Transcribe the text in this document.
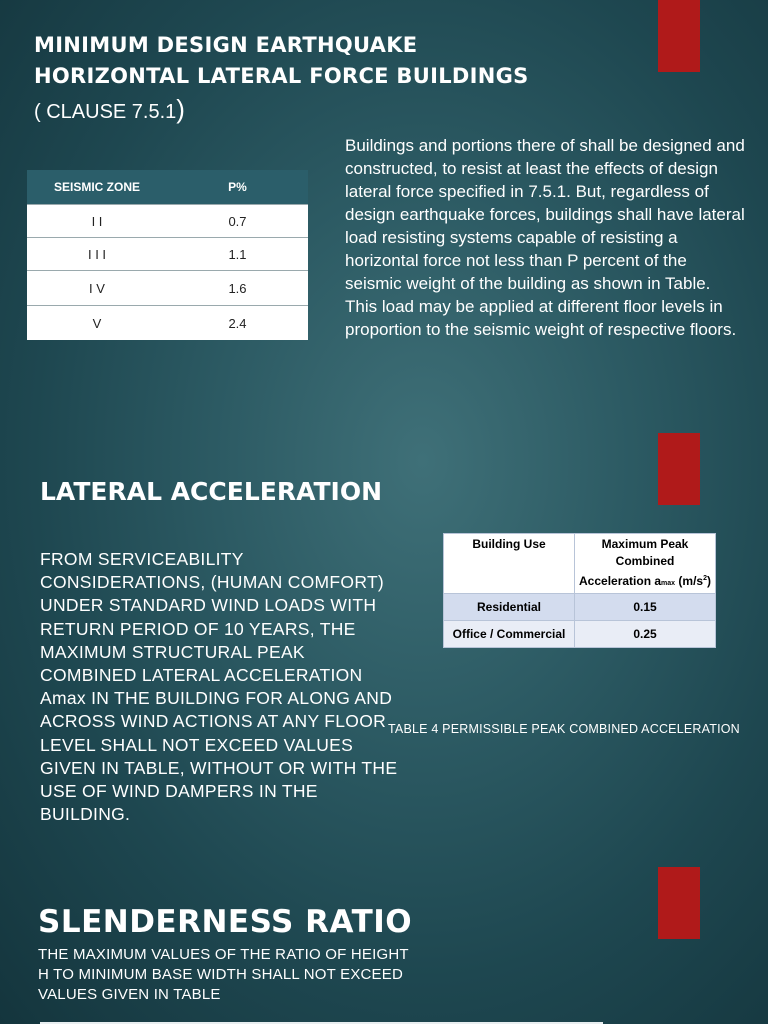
MINIMUM DESIGN EARTHQUAKE
HORIZONTAL LATERAL FORCE BUILDINGS
( CLAUSE 7.5.1)
SEISMIC ZONE	P%
I I	0.7
I I I	1.1
I V	1.6
V	2.4
Buildings and portions there of shall be designed and constructed, to resist at least the effects of design lateral force specified in 7.5.1. But, regardless of design earthquake forces, buildings shall have lateral load resisting systems capable of resisting a horizontal force not less than P percent of the seismic weight of the building as shown in Table. This load may be applied at different floor levels in proportion to the seismic weight of respective floors.
LATERAL ACCELERATION
FROM SERVICEABILITY CONSIDERATIONS, (HUMAN COMFORT) UNDER STANDARD WIND LOADS WITH RETURN PERIOD OF 10 YEARS, THE MAXIMUM STRUCTURAL PEAK COMBINED LATERAL ACCELERATION Amax IN THE BUILDING FOR ALONG AND ACROSS WIND ACTIONS AT ANY FLOOR LEVEL SHALL NOT EXCEED VALUES GIVEN IN TABLE, WITHOUT OR WITH THE USE OF WIND DAMPERS IN THE BUILDING.
Building Use	Maximum Peak
Combined
Acceleration amax $(m/s^2)$
Residential	0.15
Office / Commercial	0.25
TABLE 4 PERMISSIBLE PEAK COMBINED ACCELERATION
SLENDERNESS RATIO
THE MAXIMUM VALUES OF THE RATIO OF HEIGHT H TO MINIMUM BASE WIDTH SHALL NOT EXCEED VALUES GIVEN IN TABLE
